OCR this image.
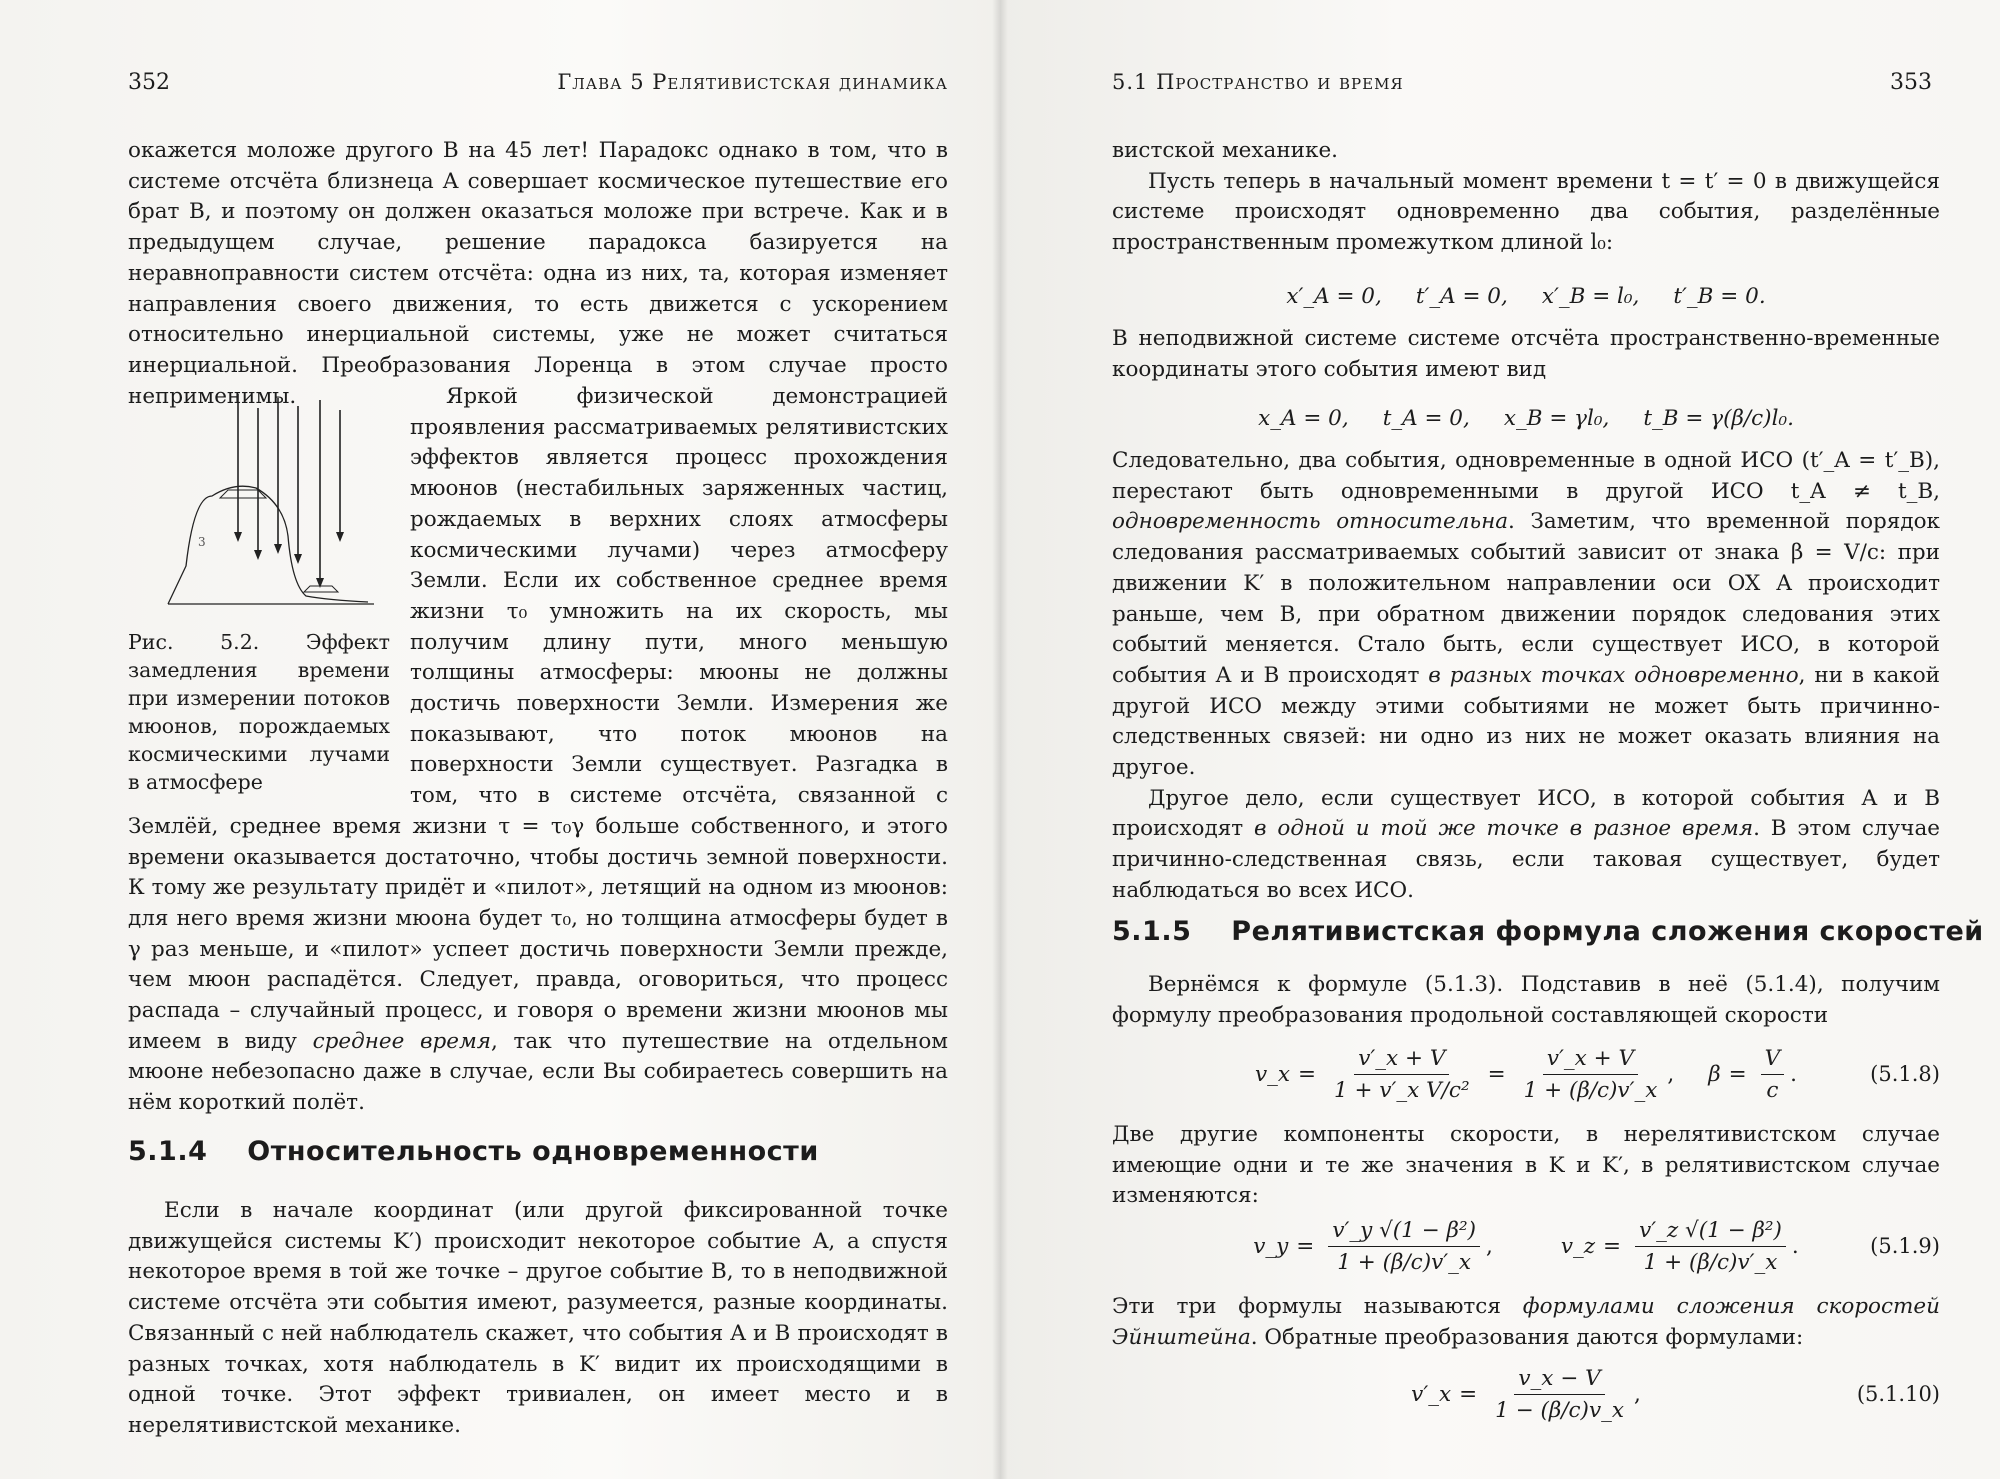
352	Глава 5 Релятивистская динамика

окажется моложе другого B на 45 лет! Парадокс однако в том, что в системе отсчёта близнеца A совершает космическое путешествие его брат B, и поэтому он должен оказаться моложе при встрече. Как и в предыдущем случае, решение парадокса базируется на неравноправности систем отсчёта: одна из них, та, которая изменяет направления своего движения, то есть движется с ускорением относительно инерциальной системы, уже не может считаться инерциальной. Преобразования Лоренца в этом случае просто неприменимы.

3
Рис. 5.2. Эффект замедления времени при измерении потоков мюонов, порождаемых космическими лучами в атмосфере

Яркой физической демонстрацией проявления рассматриваемых релятивистских эффектов является процесс прохождения мюонов (нестабильных заряженных частиц, рождаемых в верхних слоях атмосферы космическими лучами) через атмосферу Земли. Если их собственное среднее время жизни τ₀ умножить на их скорость, мы получим длину пути, много меньшую толщины атмосферы: мюоны не должны достичь поверхности Земли. Измерения же показывают, что поток мюонов на поверхности Земли существует. Разгадка в том, что в системе отсчёта, связанной с Землёй, среднее время жизни τ = τ₀γ больше собственного, и этого времени оказывается достаточно, чтобы достичь земной поверхности. К тому же результату придёт и «пилот», летящий на одном из мюонов: для него время жизни мюона будет τ₀, но толщина атмосферы будет в γ раз меньше, и «пилот» успеет достичь поверхности Земли прежде, чем мюон распадётся. Следует, правда, оговориться, что процесс распада – случайный процесс, и говоря о времени жизни мюонов мы имеем в виду среднее время, так что путешествие на отдельном мюоне небезопасно даже в случае, если Вы собираетесь совершить на нём короткий полёт.

5.1.4 Относительность одновременности

Если в начале координат (или другой фиксированной точке движущейся системы K′) происходит некоторое событие A, а спустя некоторое время в той же точке – другое событие B, то в неподвижной системе отсчёта эти события имеют, разумеется, разные координаты. Связанный с ней наблюдатель скажет, что события A и B происходят в разных точках, хотя наблюдатель в K′ видит их происходящими в одной точке. Этот эффект тривиален, он имеет место и в нерелятивистской механике.

5.1 Пространство и время	353

вистской механике.

Пусть теперь в начальный момент времени t = t′ = 0 в движущейся системе происходят одновременно два события, разделённые пространственным промежутком длиной l₀:

x′_A = 0, t′_A = 0, x′_B = l₀, t′_B = 0.

В неподвижной системе системе отсчёта пространственно-временные координаты этого события имеют вид

x_A = 0, t_A = 0, x_B = γl₀, t_B = γ(β/c)l₀.

Следовательно, два события, одновременные в одной ИСО (t′_A = t′_B), перестают быть одновременными в другой ИСО t_A ≠ t_B, одновременность относительна. Заметим, что временной порядок следования рассматриваемых событий зависит от знака β = V/c: при движении K′ в положительном направлении оси OX A происходит раньше, чем B, при обратном движении порядок следования этих событий меняется. Стало быть, если существует ИСО, в которой события A и B происходят в разных точках одновременно, ни в какой другой ИСО между этими событиями не может быть причинно-следственных связей: ни одно из них не может оказать влияния на другое.

Другое дело, если существует ИСО, в которой события A и B происходят в одной и той же точке в разное время. В этом случае причинно-следственная связь, если таковая существует, будет наблюдаться во всех ИСО.

5.1.5 Релятивистская формула сложения скоростей

Вернёмся к формуле (5.1.3). Подставив в неё (5.1.4), получим формулу преобразования продольной составляющей скорости

v_x = $\frac{v'\_x + V}{\text{1 + v′\_x V/c²}} = \frac{v'\_x + V}{1 + (\beta/c)v'\_x}$ , $\beta = \frac{V}{c}$ .	(5.1.8)

Две другие компоненты скорости, в нерелятивистском случае имеющие одни и те же значения в K и K′, в релятивистском случае изменяются:

v_y = $\frac{\text{v′\_y √(1 − β²)}}{1 + (\beta/c)v'\_x}$ ,	v_z = $\frac{\text{v′\_z √(1 − β²)}}{1 + (\beta/c)v'\_x}$ .	(5.1.9)

Эти три формулы называются формулами сложения скоростей Эйнштейна. Обратные преобразования даются формулами:

v′_x = $\frac{v\_x - V}{1 - (\beta/c)v\_x}$ ,	(5.1.10)
